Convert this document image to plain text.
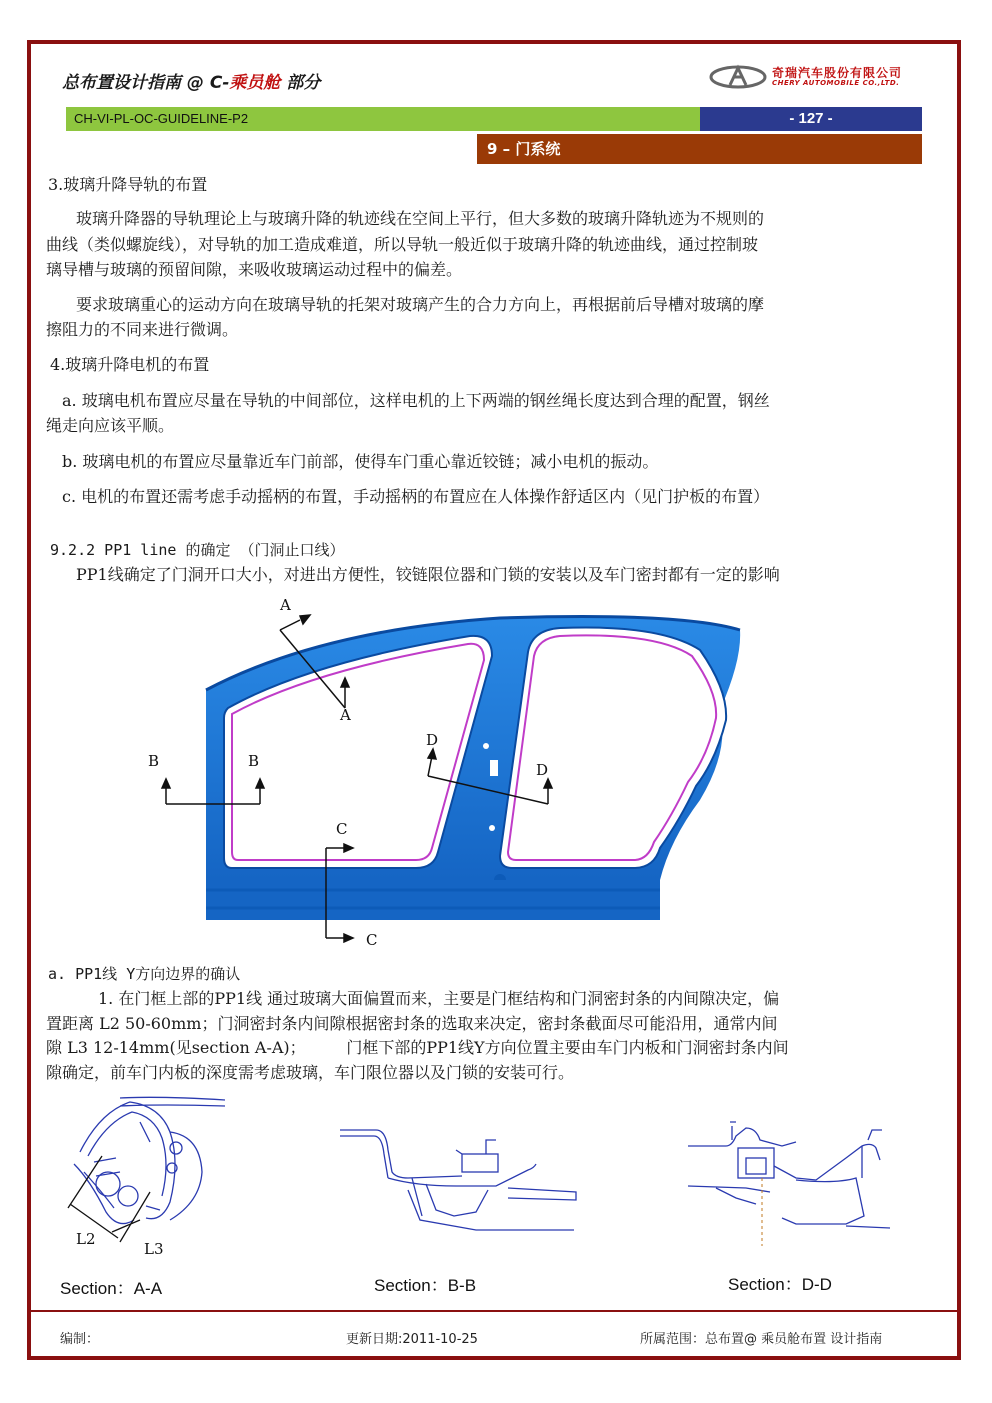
总布置设计指南 @ C-乘员舱 部分	奇瑞汽车股份有限公司
CHERY AUTOMOBILE CO.,LTD.
CH-VI-PL-OC-GUIDELINE-P2	- 127 -
9 – 门系统
3.玻璃升降导轨的布置
玻璃升降器的导轨理论上与玻璃升降的轨迹线在空间上平行，但大多数的玻璃升降轨迹为不规则的
曲线（类似螺旋线），对导轨的加工造成难道，所以导轨一般近似于玻璃升降的轨迹曲线，通过控制玻
璃导槽与玻璃的预留间隙，来吸收玻璃运动过程中的偏差。
要求玻璃重心的运动方向在玻璃导轨的托架对玻璃产生的合力方向上，再根据前后导槽对玻璃的摩
擦阻力的不同来进行微调。
4.玻璃升降电机的布置
a. 玻璃电机布置应尽量在导轨的中间部位，这样电机的上下两端的钢丝绳长度达到合理的配置，钢丝
绳走向应该平顺。
b. 玻璃电机的布置应尽量靠近车门前部，使得车门重心靠近铰链；减小电机的振动。
c. 电机的布置还需考虑手动摇柄的布置，手动摇柄的布置应在人体操作舒适区内（见门护板的布置）
9.2.2 PP1 line 的确定 （门洞止口线）
PP1线确定了门洞开口大小，对进出方便性，铰链限位器和门锁的安装以及车门密封都有一定的影响
A
A
B	B
C
C
D
D
a. PP1线 Y方向边界的确认
1. 在门框上部的PP1线 通过玻璃大面偏置而来，主要是门框结构和门洞密封条的内间隙决定，偏
置距离 L2 50-60mm；门洞密封条内间隙根据密封条的选取来决定，密封条截面尽可能沿用，通常内间
隙 L3 12-14mm(见section A-A)；        门框下部的PP1线Y方向位置主要由车门内板和门洞密封条内间
隙确定，前车门内板的深度需考虑玻璃，车门限位器以及门锁的安装可行。
L2
L3
Section：A-A	Section：B-B	Section：D-D
编制：	更新日期:2011-10-25	所属范围：总布置@ 乘员舱布置 设计指南
